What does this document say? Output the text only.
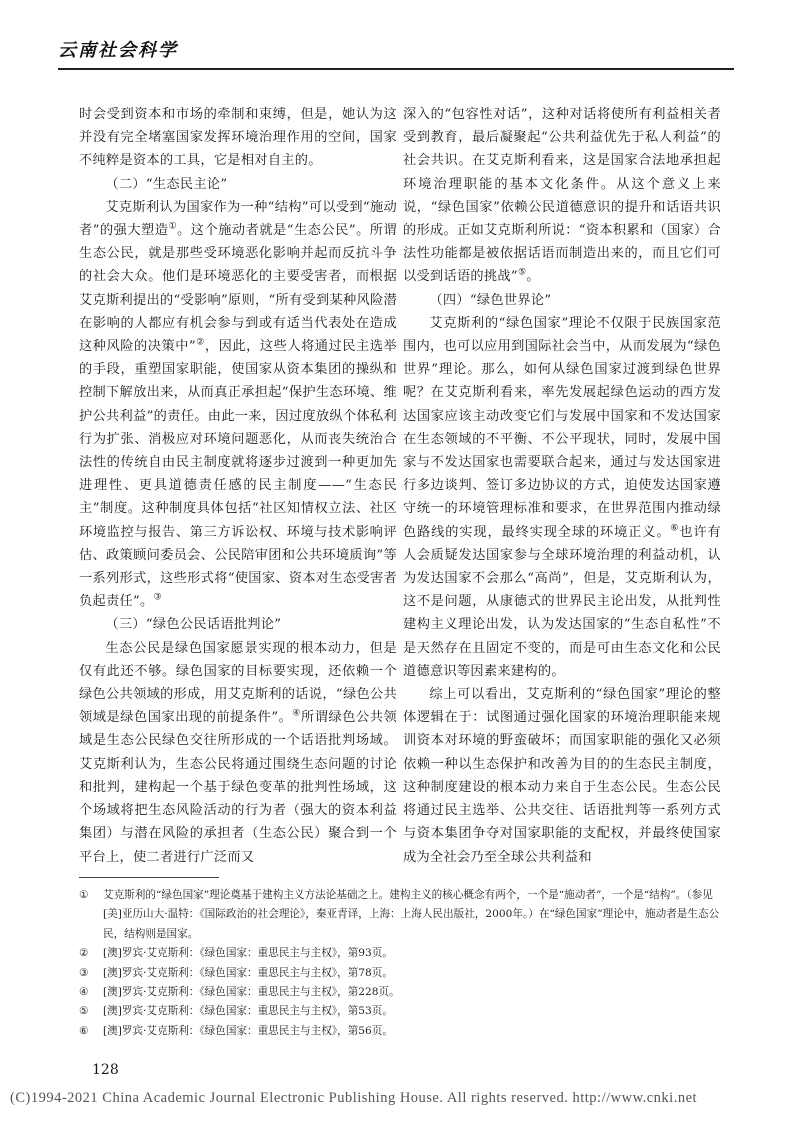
云南社会科学

时会受到资本和市场的牵制和束缚，但是，她认为这并没有完全堵塞国家发挥环境治理作用的空间，国家不纯粹是资本的工具，它是相对自主的。

（二）“生态民主论”

艾克斯利认为国家作为一种“结构”可以受到“施动者”的强大塑造①。这个施动者就是“生态公民”。所谓生态公民，就是那些受环境恶化影响并起而反抗斗争的社会大众。他们是环境恶化的主要受害者，而根据艾克斯利提出的“受影响”原则，“所有受到某种风险潜在影响的人都应有机会参与到或有适当代表处在造成这种风险的决策中”②，因此，这些人将通过民主选举的手段，重塑国家职能，使国家从资本集团的操纵和控制下解放出来，从而真正承担起“保护生态环境、维护公共利益”的责任。由此一来，因过度放纵个体私利行为扩张、消极应对环境问题恶化，从而丧失统治合法性的传统自由民主制度就将逐步过渡到一种更加先进理性、更具道德责任感的民主制度——“生态民主”制度。这种制度具体包括“社区知情权立法、社区环境监控与报告、第三方诉讼权、环境与技术影响评估、政策顾问委员会、公民陪审团和公共环境质询”等一系列形式，这些形式将“使国家、资本对生态受害者负起责任”。③

（三）“绿色公民话语批判论”

生态公民是绿色国家愿景实现的根本动力，但是仅有此还不够。绿色国家的目标要实现，还依赖一个绿色公共领域的形成，用艾克斯利的话说，“绿色公共领域是绿色国家出现的前提条件”。④所谓绿色公共领域是生态公民绿色交往所形成的一个话语批判场域。艾克斯利认为，生态公民将通过围绕生态问题的讨论和批判，建构起一个基于绿色变革的批判性场域，这个场域将把生态风险活动的行为者（强大的资本利益集团）与潜在风险的承担者（生态公民）聚合到一个平台上，使二者进行广泛而又

深入的“包容性对话”，这种对话将使所有利益相关者受到教育，最后凝聚起“公共利益优先于私人利益”的社会共识。在艾克斯利看来，这是国家合法地承担起环境治理职能的基本文化条件。从这个意义上来说，“绿色国家”依赖公民道德意识的提升和话语共识的形成。正如艾克斯利所说：“资本积累和（国家）合法性功能都是被依据话语而制造出来的，而且它们可以受到话语的挑战”⑤。

（四）“绿色世界论”

艾克斯利的“绿色国家”理论不仅限于民族国家范围内，也可以应用到国际社会当中，从而发展为“绿色世界”理论。那么，如何从绿色国家过渡到绿色世界呢？在艾克斯利看来，率先发展起绿色运动的西方发达国家应该主动改变它们与发展中国家和不发达国家在生态领域的不平衡、不公平现状，同时，发展中国家与不发达国家也需要联合起来，通过与发达国家进行多边谈判、签订多边协议的方式，迫使发达国家遵守统一的环境管理标准和要求，在世界范围内推动绿色路线的实现，最终实现全球的环境正义。⑥也许有人会质疑发达国家参与全球环境治理的利益动机，认为发达国家不会那么“高尚”，但是，艾克斯利认为，这不是问题，从康德式的世界民主论出发，从批判性建构主义理论出发，认为发达国家的“生态自私性”不是天然存在且固定不变的，而是可由生态文化和公民道德意识等因素来建构的。

综上可以看出，艾克斯利的“绿色国家”理论的整体逻辑在于：试图通过强化国家的环境治理职能来规训资本对环境的野蛮破坏；而国家职能的强化又必须依赖一种以生态保护和改善为目的的生态民主制度，这种制度建设的根本动力来自于生态公民。生态公民将通过民主选举、公共交往、话语批判等一系列方式与资本集团争夺对国家职能的支配权，并最终使国家成为全社会乃至全球公共利益和

①	艾克斯利的“绿色国家”理论奠基于建构主义方法论基础之上。建构主义的核心概念有两个，一个是“施动者”，一个是“结构”。（参见[美]亚历山大·温特：《国际政治的社会理论》，秦亚青译，上海：上海人民出版社，2000年。）在“绿色国家”理论中，施动者是生态公民，结构则是国家。
②	[澳]罗宾·艾克斯利：《绿色国家：重思民主与主权》，第93页。
③	[澳]罗宾·艾克斯利：《绿色国家：重思民主与主权》，第78页。
④	[澳]罗宾·艾克斯利：《绿色国家：重思民主与主权》，第228页。
⑤	[澳]罗宾·艾克斯利：《绿色国家：重思民主与主权》，第53页。
⑥	[澳]罗宾·艾克斯利：《绿色国家：重思民主与主权》，第56页。
128
(C)1994-2021 China Academic Journal Electronic Publishing House. All rights reserved. http://www.cnki.net
